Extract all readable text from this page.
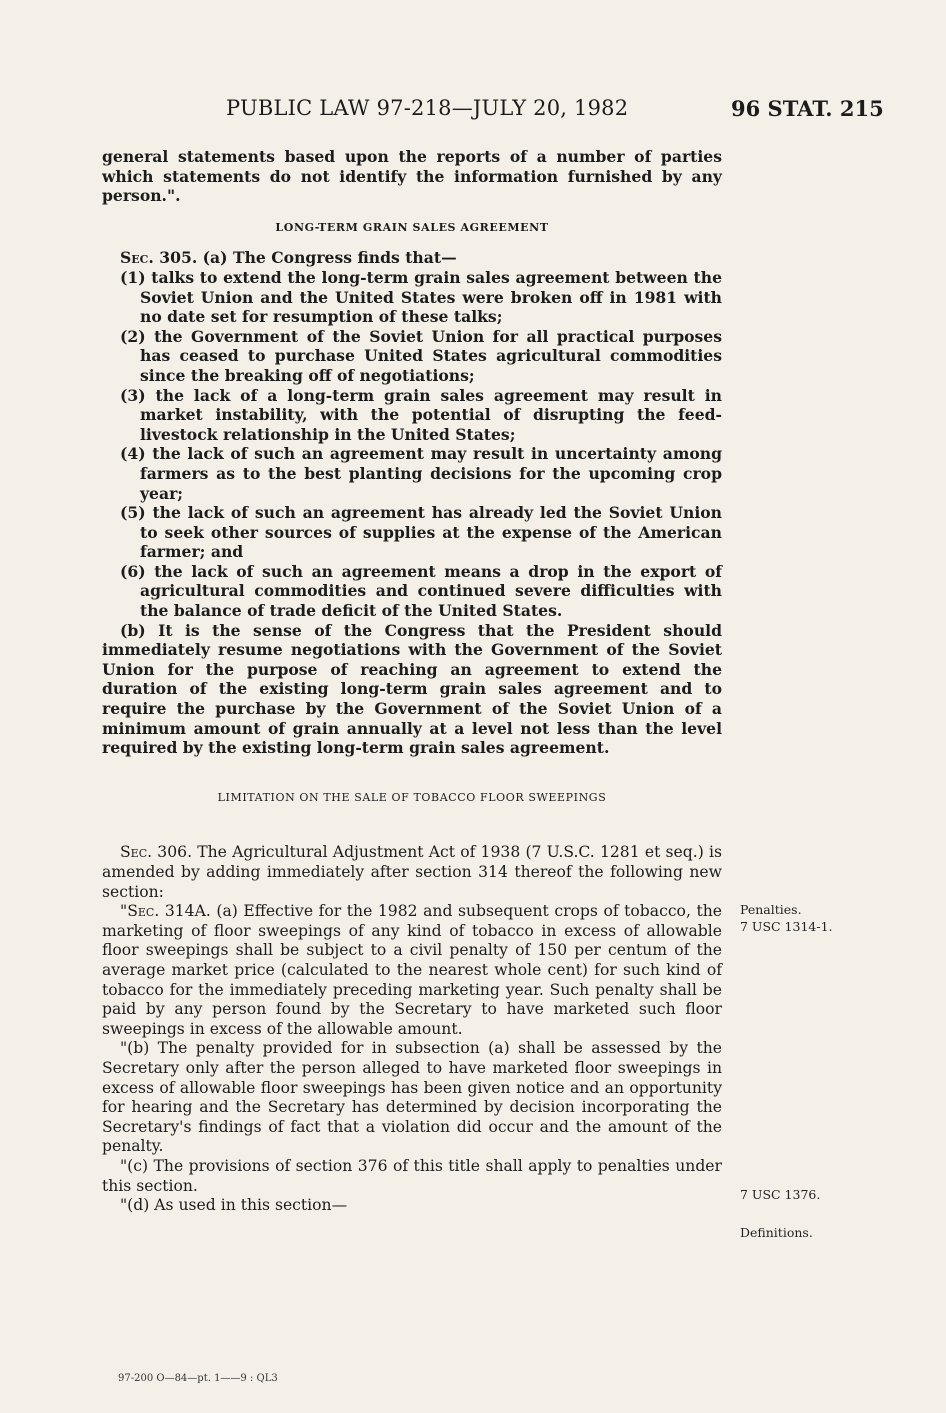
PUBLIC LAW 97-218—JULY 20, 1982	96 STAT. 215

general statements based upon the reports of a number of parties which statements do not identify the information furnished by any person.".

LONG-TERM GRAIN SALES AGREEMENT

Sec. 305. (a) The Congress finds that—

(1) talks to extend the long-term grain sales agreement between the Soviet Union and the United States were broken off in 1981 with no date set for resumption of these talks;

(2) the Government of the Soviet Union for all practical purposes has ceased to purchase United States agricultural commodities since the breaking off of negotiations;

(3) the lack of a long-term grain sales agreement may result in market instability, with the potential of disrupting the feed-livestock relationship in the United States;

(4) the lack of such an agreement may result in uncertainty among farmers as to the best planting decisions for the upcoming crop year;

(5) the lack of such an agreement has already led the Soviet Union to seek other sources of supplies at the expense of the American farmer; and

(6) the lack of such an agreement means a drop in the export of agricultural commodities and continued severe difficulties with the balance of trade deficit of the United States.

(b) It is the sense of the Congress that the President should immediately resume negotiations with the Government of the Soviet Union for the purpose of reaching an agreement to extend the duration of the existing long-term grain sales agreement and to require the purchase by the Government of the Soviet Union of a minimum amount of grain annually at a level not less than the level required by the existing long-term grain sales agreement.

LIMITATION ON THE SALE OF TOBACCO FLOOR SWEEPINGS

Sec. 306. The Agricultural Adjustment Act of 1938 (7 U.S.C. 1281 et seq.) is amended by adding immediately after section 314 thereof the following new section:

"Sec. 314A. (a) Effective for the 1982 and subsequent crops of tobacco, the marketing of floor sweepings of any kind of tobacco in excess of allowable floor sweepings shall be subject to a civil penalty of 150 per centum of the average market price (calculated to the nearest whole cent) for such kind of tobacco for the immediately preceding marketing year. Such penalty shall be paid by any person found by the Secretary to have marketed such floor sweepings in excess of the allowable amount.

"(b) The penalty provided for in subsection (a) shall be assessed by the Secretary only after the person alleged to have marketed floor sweepings in excess of allowable floor sweepings has been given notice and an opportunity for hearing and the Secretary has determined by decision incorporating the Secretary's findings of fact that a violation did occur and the amount of the penalty.

"(c) The provisions of section 376 of this title shall apply to penalties under this section.

"(d) As used in this section—

Penalties.
7 USC 1314-1.
7 USC 1376.
Definitions.
97-200 O—84—pt. 1——9 : QL3
